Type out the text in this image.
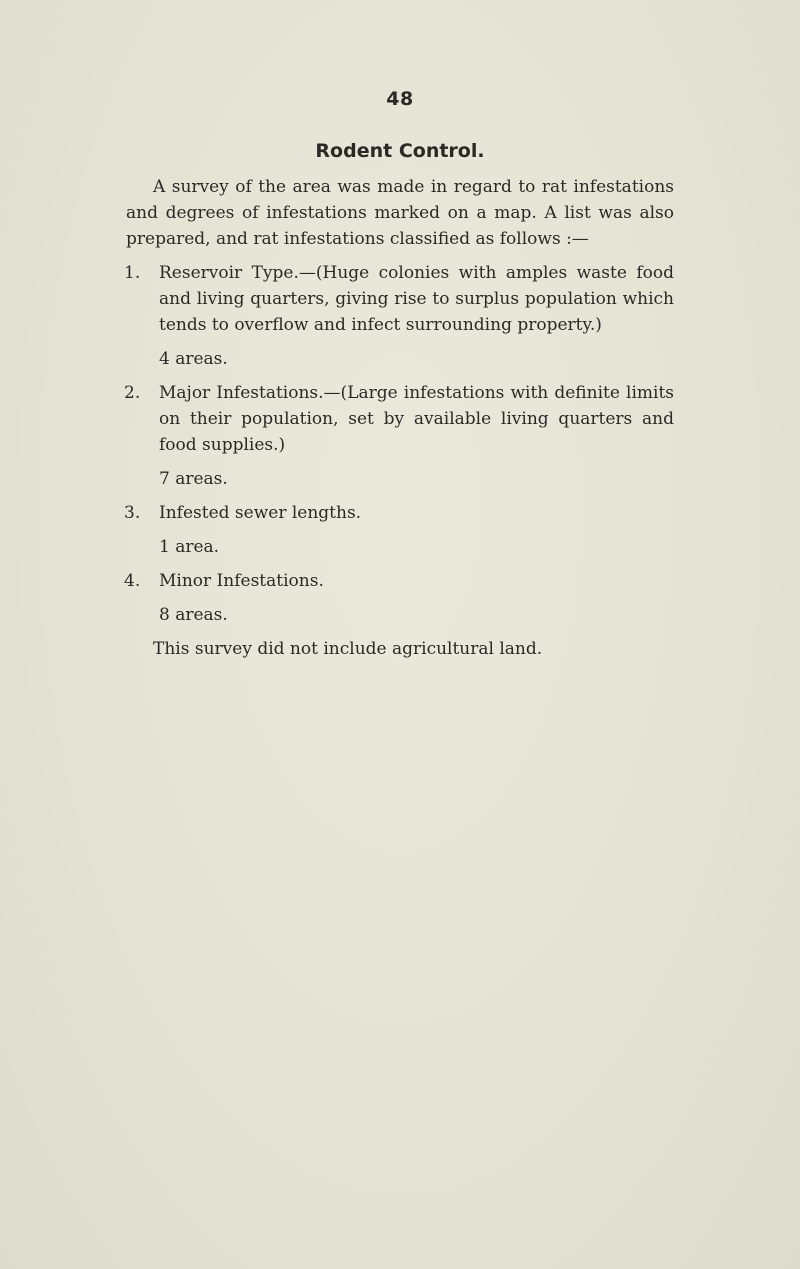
48
Rodent Control.

A survey of the area was made in regard to rat infestations and degrees of infestations marked on a map. A list was also prepared, and rat infestations classified as follows :—

1. Reservoir Type.—(Huge colonies with amples waste food and living quarters, giving rise to surplus population which tends to overflow and infect surrounding property.)

4 areas.

2. Major Infestations.—(Large infestations with definite limits on their population, set by available living quarters and food supplies.)

7 areas.

3. Infested sewer lengths.

1 area.

4. Minor Infestations.

8 areas.

This survey did not include agricultural land.
